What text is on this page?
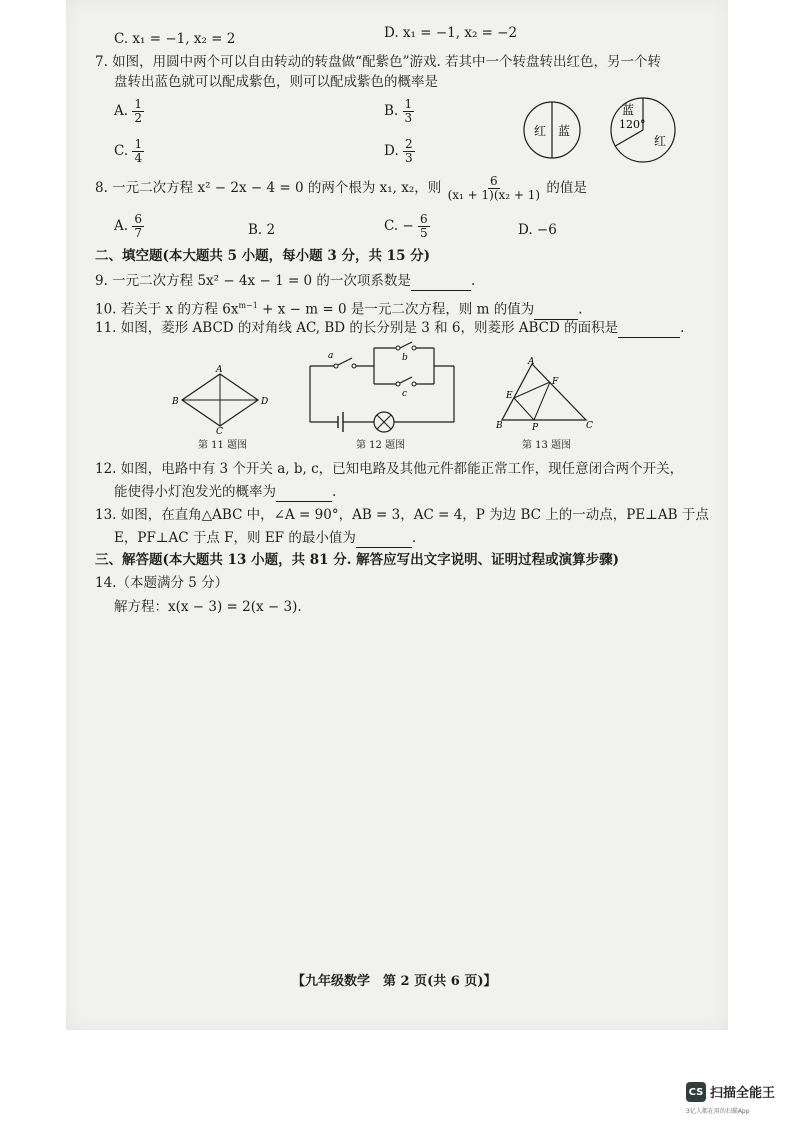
C. x₁ = −1, x₂ = 2	D. x₁ = −1, x₂ = −2
7. 如图，用圆中两个可以自由转动的转盘做“配紫色”游戏. 若其中一个转盘转出红色，另一个转
盘转出蓝色就可以配成紫色，则可以配成紫色的概率是
A. $\frac{1}{2}$	B. $\frac{1}{3}$
C. $\frac{1}{4}$	D. $\frac{2}{3}$
红 蓝
蓝
120°
红
8. 一元二次方程 x² − 2x − 4 = 0 的两个根为 x₁, x₂，则 $\frac{6}{\text{(x₁ + 1)(x₂ + 1)}}$ 的值是
A. $\frac{6}{7}$	B. 2	C. − $\frac{6}{5}$	D. −6
二、填空题(本大题共 5 小题，每小题 3 分，共 15 分)
9. 一元二次方程 5x² − 4x − 1 = 0 的一次项系数是	.
10. 若关于 x 的方程 $6x^{m-1} + x - m = 0$ 是一元二次方程，则 m 的值为	.
11. 如图，菱形 ABCD 的对角线 AC, BD 的长分别是 3 和 6，则菱形 ABCD 的面积是	.
A
B
C
D
第 11 题图
a	b
c
第 12 题图
A
B	C
E
F
P
第 13 题图
12. 如图，电路中有 3 个开关 a, b, c，已知电路及其他元件都能正常工作，现任意闭合两个开关，
能使得小灯泡发光的概率为	.
13. 如图，在直角△ABC 中，∠A = 90°，AB = 3，AC = 4，P 为边 BC 上的一动点，PE⊥AB 于点
E，PF⊥AC 于点 F，则 EF 的最小值为	.
三、解答题(本大题共 13 小题，共 81 分. 解答应写出文字说明、证明过程或演算步骤)
14.（本题满分 5 分）
解方程：x(x − 3) = 2(x − 3).
【九年级数学　第 2 页(共 6 页)】
CS 扫描全能王
3亿人都在用的扫描App
